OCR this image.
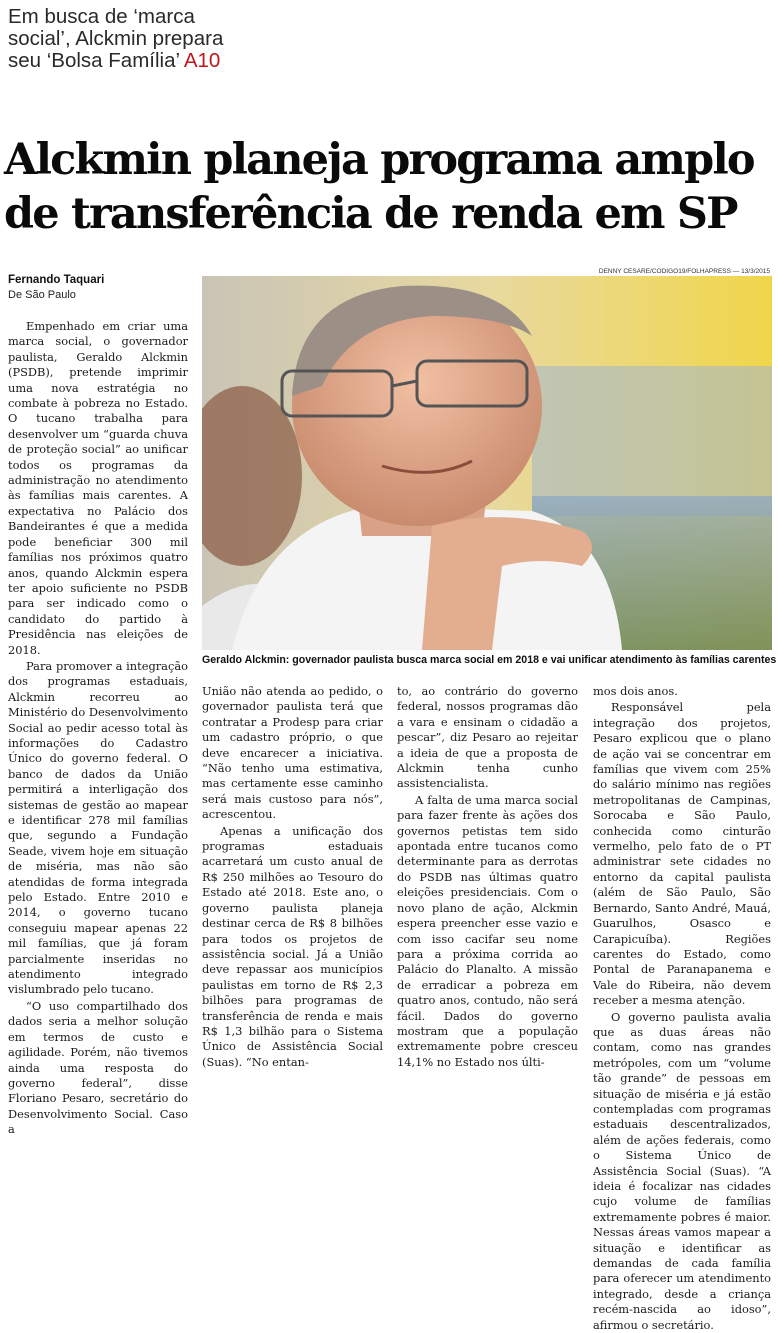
Em busca de ‘marca social’, Alckmin prepara seu ‘Bolsa Família’ A10
Alckmin planeja programa amplo de transferência de renda em SP
Fernando Taquari
De São Paulo
DENNY CESARE/CODIGO19/FOLHAPRESS — 13/3/2015
Geraldo Alckmin: governador paulista busca marca social em 2018 e vai unificar atendimento às famílias carentes

Empenhado em criar uma marca social, o governador paulista, Geraldo Alckmin (PSDB), pretende imprimir uma nova estratégia no combate à pobreza no Estado. O tucano trabalha para desenvolver um “guarda chuva de proteção social” ao unificar todos os programas da administração no atendimento às famílias mais carentes. A expectativa no Palácio dos Bandeirantes é que a medida pode beneficiar 300 mil famílias nos próximos quatro anos, quando Alckmin espera ter apoio suficiente no PSDB para ser indicado como o candidato do partido à Presidência nas eleições de 2018.

Para promover a integração dos programas estaduais, Alckmin recorreu ao Ministério do Desenvolvimento Social ao pedir acesso total às informações do Cadastro Único do governo federal. O banco de dados da União permitirá a interligação dos sistemas de gestão ao mapear e identificar 278 mil famílias que, segundo a Fundação Seade, vivem hoje em situação de miséria, mas não são atendidas de forma integrada pelo Estado. Entre 2010 e 2014, o governo tucano conseguiu mapear apenas 22 mil famílias, que já foram parcialmente inseridas no atendimento integrado vislumbrado pelo tucano.

“O uso compartilhado dos dados seria a melhor solução em termos de custo e agilidade. Porém, não tivemos ainda uma resposta do governo federal”, disse Floriano Pesaro, secretário do Desenvolvimento Social. Caso a

União não atenda ao pedido, o governador paulista terá que contratar a Prodesp para criar um cadastro próprio, o que deve encarecer a iniciativa. “Não tenho uma estimativa, mas certamente esse caminho será mais custoso para nós”, acrescentou.

Apenas a unificação dos programas estaduais acarretará um custo anual de R$ 250 milhões ao Tesouro do Estado até 2018. Este ano, o governo paulista planeja destinar cerca de R$ 8 bilhões para todos os projetos de assistência social. Já a União deve repassar aos municípios paulistas em torno de R$ 2,3 bilhões para programas de transferência de renda e mais R$ 1,3 bilhão para o Sistema Único de Assistência Social (Suas). “No entan-

to, ao contrário do governo federal, nossos programas dão a vara e ensinam o cidadão a pescar”, diz Pesaro ao rejeitar a ideia de que a proposta de Alckmin tenha cunho assistencialista.

A falta de uma marca social para fazer frente às ações dos governos petistas tem sido apontada entre tucanos como determinante para as derrotas do PSDB nas últimas quatro eleições presidenciais. Com o novo plano de ação, Alckmin espera preencher esse vazio e com isso cacifar seu nome para a próxima corrida ao Palácio do Planalto. A missão de erradicar a pobreza em quatro anos, contudo, não será fácil. Dados do governo mostram que a população extremamente pobre cresceu 14,1% no Estado nos últi-

mos dois anos.

Responsável pela integração dos projetos, Pesaro explicou que o plano de ação vai se concentrar em famílias que vivem com 25% do salário mínimo nas regiões metropolitanas de Campinas, Sorocaba e São Paulo, conhecida como cinturão vermelho, pelo fato de o PT administrar sete cidades no entorno da capital paulista (além de São Paulo, São Bernardo, Santo André, Mauá, Guarulhos, Osasco e Carapicuíba). Regiões carentes do Estado, como Pontal de Paranapanema e Vale do Ribeira, não devem receber a mesma atenção.

O governo paulista avalia que as duas áreas não contam, como nas grandes metrópoles, com um “volume tão grande” de pessoas em situação de miséria e já estão contempladas com programas estaduais descentralizados, além de ações federais, como o Sistema Único de Assistência Social (Suas). “A ideia é focalizar nas cidades cujo volume de famílias extremamente pobres é maior. Nessas áreas vamos mapear a situação e identificar as demandas de cada família para oferecer um atendimento integrado, desde a criança recém-nascida ao idoso”, afirmou o secretário.
